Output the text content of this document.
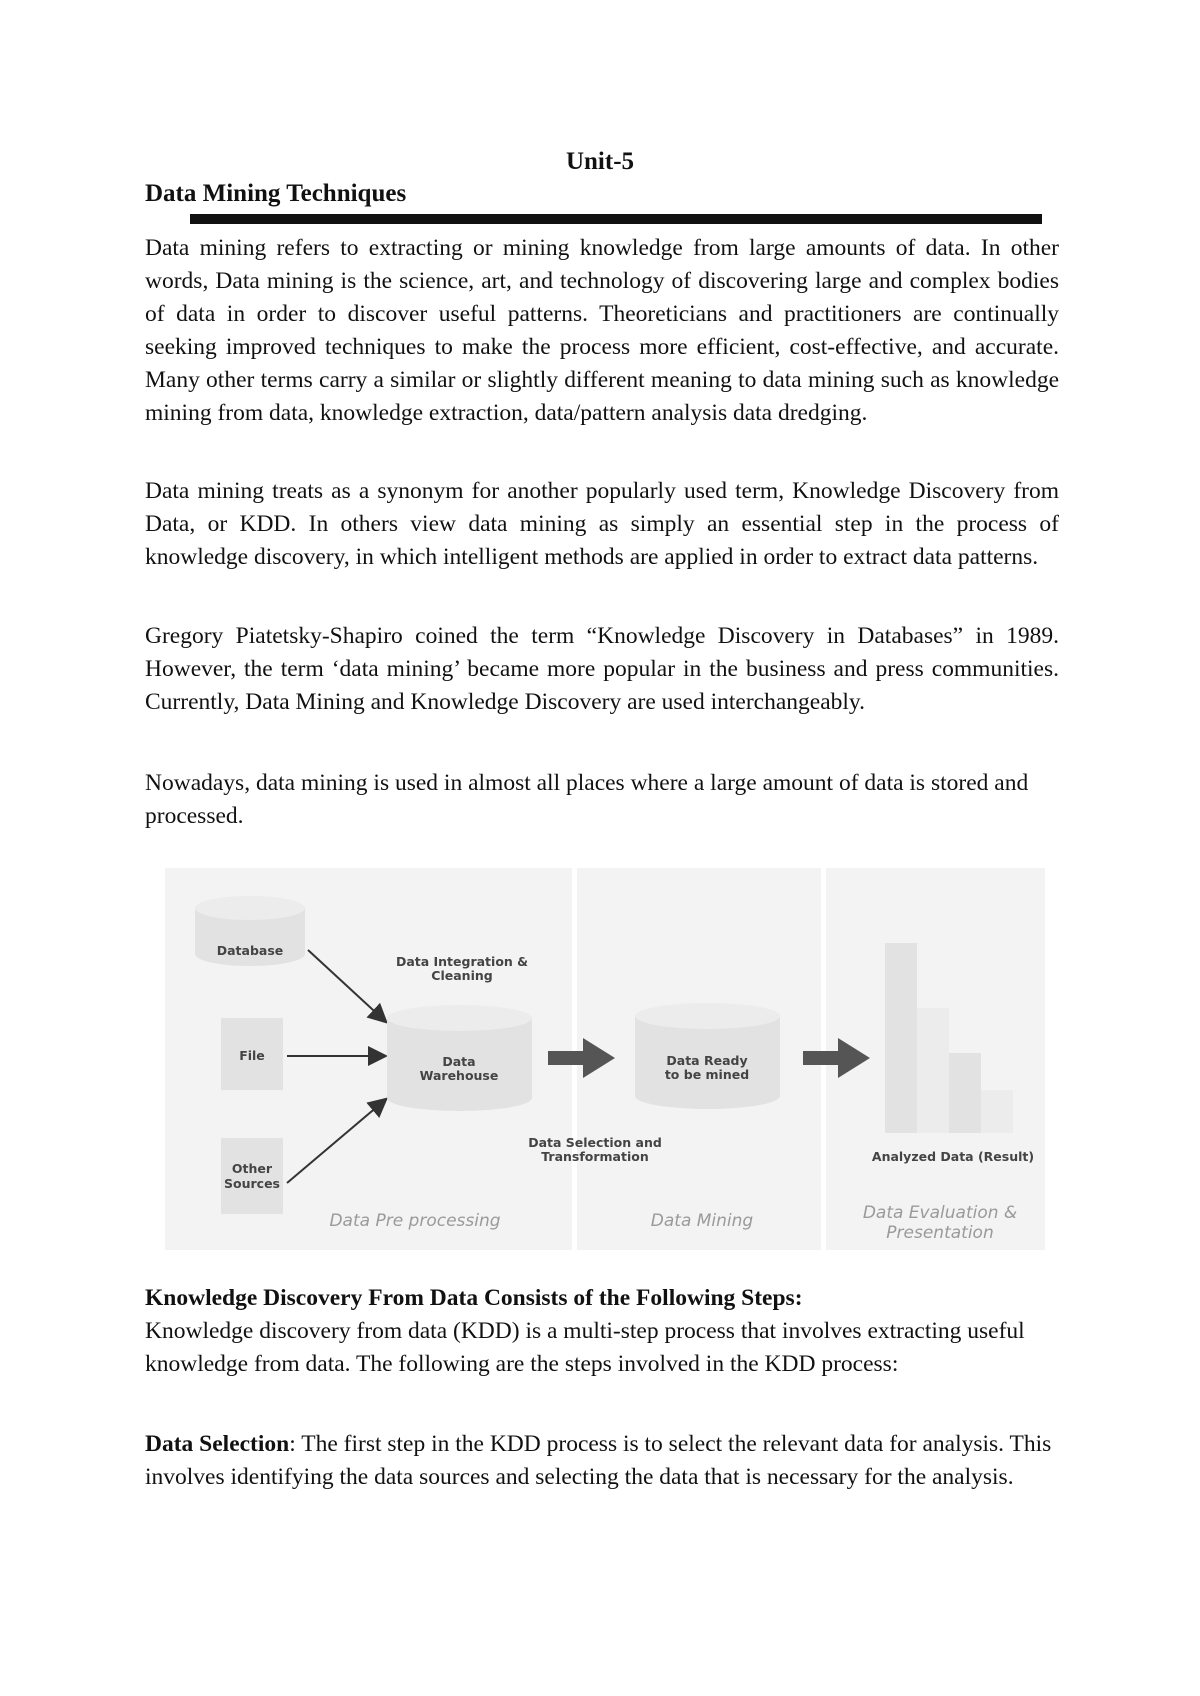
Unit-5
Data Mining Techniques

Data mining refers to extracting or mining knowledge from large amounts of data. In other words, Data mining is the science, art, and technology of discovering large and complex bodies of data in order to discover useful patterns. Theoreticians and practitioners are continually seeking improved techniques to make the process more efficient, cost-effective, and accurate. Many other terms carry a similar or slightly different meaning to data mining such as knowledge mining from data, knowledge extraction, data/pattern analysis data dredging.

Data mining treats as a synonym for another popularly used term, Knowledge Discovery from Data, or KDD. In others view data mining as simply an essential step in the process of knowledge discovery, in which intelligent methods are applied in order to extract data patterns.

Gregory Piatetsky-Shapiro coined the term “Knowledge Discovery in Databases” in 1989. However, the term ‘data mining’ became more popular in the business and press communities. Currently, Data Mining and Knowledge Discovery are used interchangeably.

Nowadays, data mining is used in almost all places where a large amount of data is stored and processed.

Database
File
Other
Sources
Data Integration &
Cleaning
Data
Warehouse
Data Ready
to be mined
Data Selection and
Transformation	Analyzed Data (Result)
Data Pre processing	Data Mining	Data Evaluation &
Presentation

Knowledge Discovery From Data Consists of the Following Steps:

Knowledge discovery from data (KDD) is a multi-step process that involves extracting useful knowledge from data. The following are the steps involved in the KDD process:

Data Selection: The first step in the KDD process is to select the relevant data for analysis. This involves identifying the data sources and selecting the data that is necessary for the analysis.
